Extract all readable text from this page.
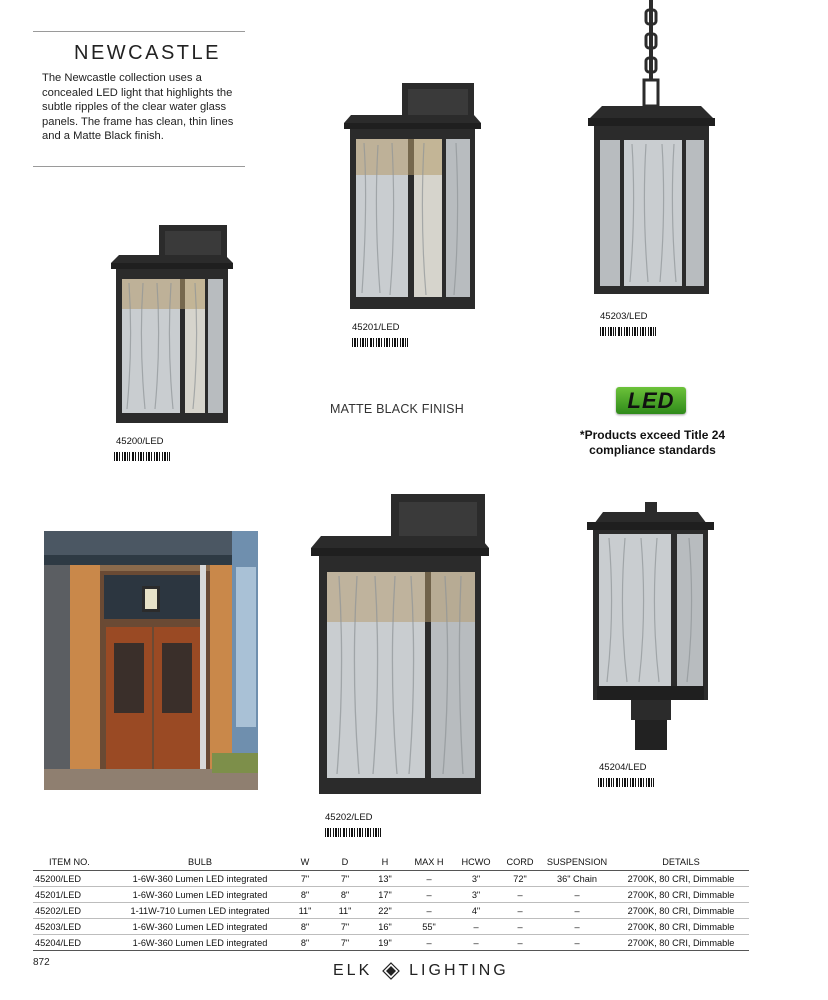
NEWCASTLE
The Newcastle collection uses a concealed LED light that highlights the subtle ripples of the clear water glass panels. The frame has clean, thin lines and a Matte Black finish.
45201/LED
45203/LED
45200/LED
MATTE BLACK FINISH	LED
*Products exceed Title 24 compliance standards
45202/LED
45204/LED
ITEM NO.	BULB	W	D	H	MAX H	HCWO	CORD	SUSPENSION	DETAILS
45200/LED	1-6W-360 Lumen LED integrated	7"	7"	13"	–	3"	72"	36" Chain	2700K, 80 CRI, Dimmable
45201/LED	1-6W-360 Lumen LED integrated	8"	8"	17"	–	3"	–	–	2700K, 80 CRI, Dimmable
45202/LED	1-11W-710 Lumen LED integrated	11"	11"	22"	–	4"	–	–	2700K, 80 CRI, Dimmable
45203/LED	1-6W-360 Lumen LED integrated	8"	7"	16"	55"	–	–	–	2700K, 80 CRI, Dimmable
45204/LED	1-6W-360 Lumen LED integrated	8"	7"	19"	–	–	–	–	2700K, 80 CRI, Dimmable
872	ELK LIGHTING
